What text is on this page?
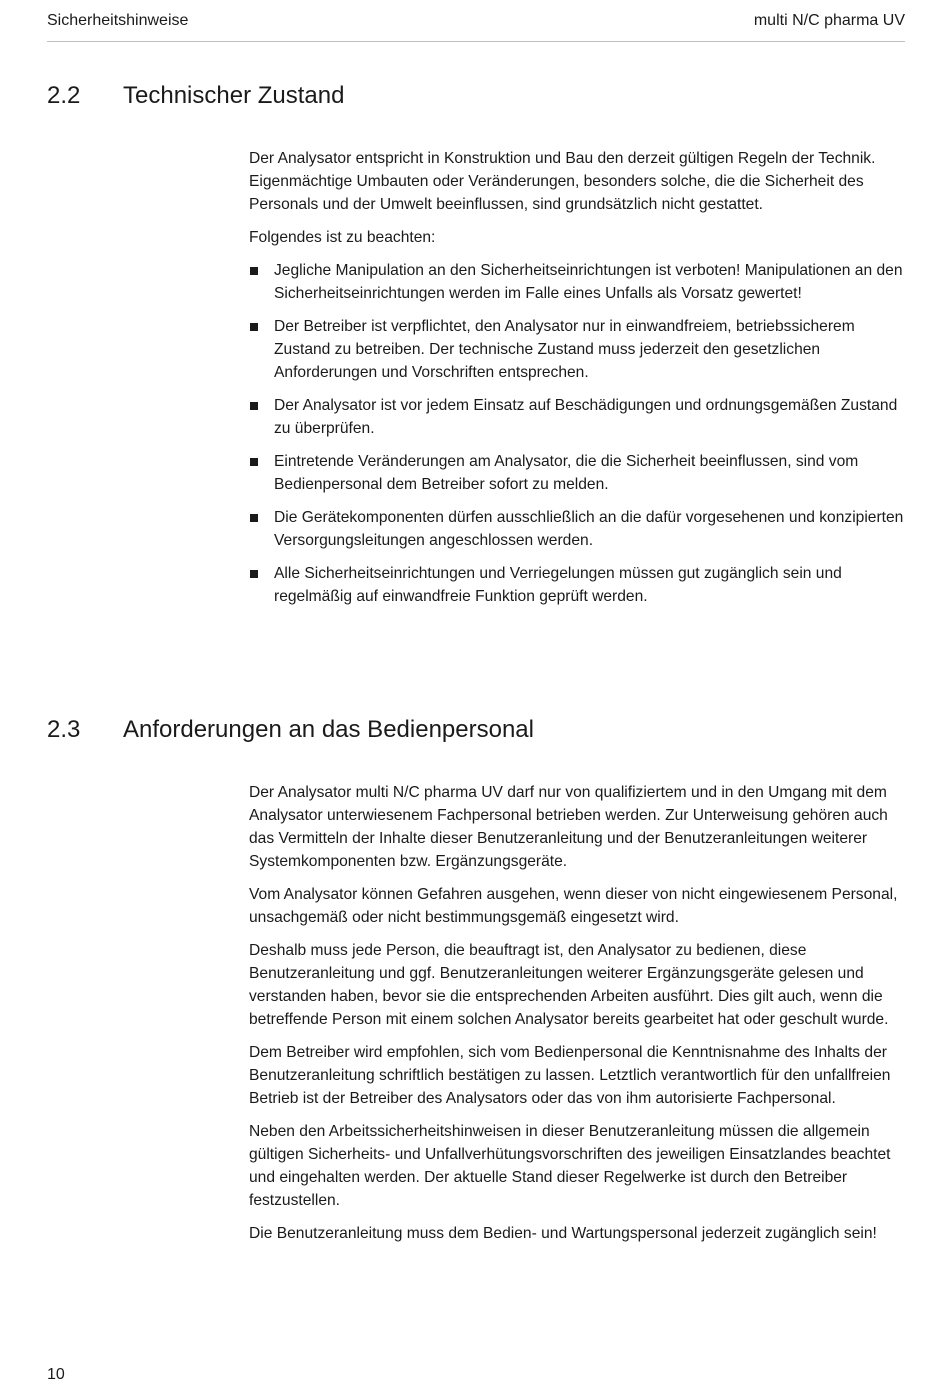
Sicherheitshinweise	multi N/C pharma UV
2.2 Technischer Zustand

Der Analysator entspricht in Konstruktion und Bau den derzeit gültigen Regeln der Technik. Eigenmächtige Umbauten oder Veränderungen, besonders solche, die die Sicherheit des Personals und der Umwelt beeinflussen, sind grundsätzlich nicht gestattet.

Folgendes ist zu beachten:

Jegliche Manipulation an den Sicherheitseinrichtungen ist verboten! Manipulationen an den Sicherheitseinrichtungen werden im Falle eines Unfalls als Vorsatz gewertet!
Der Betreiber ist verpflichtet, den Analysator nur in einwandfreiem, betriebssicherem Zustand zu betreiben. Der technische Zustand muss jederzeit den gesetzlichen Anforderungen und Vorschriften entsprechen.
Der Analysator ist vor jedem Einsatz auf Beschädigungen und ordnungsgemäßen Zustand zu überprüfen.
Eintretende Veränderungen am Analysator, die die Sicherheit beeinflussen, sind vom Bedienpersonal dem Betreiber sofort zu melden.
Die Gerätekomponenten dürfen ausschließlich an die dafür vorgesehenen und konzipierten Versorgungsleitungen angeschlossen werden.
Alle Sicherheitseinrichtungen und Verriegelungen müssen gut zugänglich sein und regelmäßig auf einwandfreie Funktion geprüft werden.
2.3 Anforderungen an das Bedienpersonal

Der Analysator multi N/C pharma UV darf nur von qualifiziertem und in den Umgang mit dem Analysator unterwiesenem Fachpersonal betrieben werden. Zur Unterweisung gehören auch das Vermitteln der Inhalte dieser Benutzeranleitung und der Benutzeranleitungen weiterer Systemkomponenten bzw. Ergänzungsgeräte.

Vom Analysator können Gefahren ausgehen, wenn dieser von nicht eingewiesenem Personal, unsachgemäß oder nicht bestimmungsgemäß eingesetzt wird.

Deshalb muss jede Person, die beauftragt ist, den Analysator zu bedienen, diese Benutzeranleitung und ggf. Benutzeranleitungen weiterer Ergänzungsgeräte gelesen und verstanden haben, bevor sie die entsprechenden Arbeiten ausführt. Dies gilt auch, wenn die betreffende Person mit einem solchen Analysator bereits gearbeitet hat oder geschult wurde.

Dem Betreiber wird empfohlen, sich vom Bedienpersonal die Kenntnisnahme des Inhalts der Benutzeranleitung schriftlich bestätigen zu lassen. Letztlich verantwortlich für den unfallfreien Betrieb ist der Betreiber des Analysators oder das von ihm autorisierte Fachpersonal.

Neben den Arbeitssicherheitshinweisen in dieser Benutzeranleitung müssen die allgemein gültigen Sicherheits- und Unfallverhütungsvorschriften des jeweiligen Einsatzlandes beachtet und eingehalten werden. Der aktuelle Stand dieser Regelwerke ist durch den Betreiber festzustellen.

Die Benutzeranleitung muss dem Bedien- und Wartungspersonal jederzeit zugänglich sein!

10
